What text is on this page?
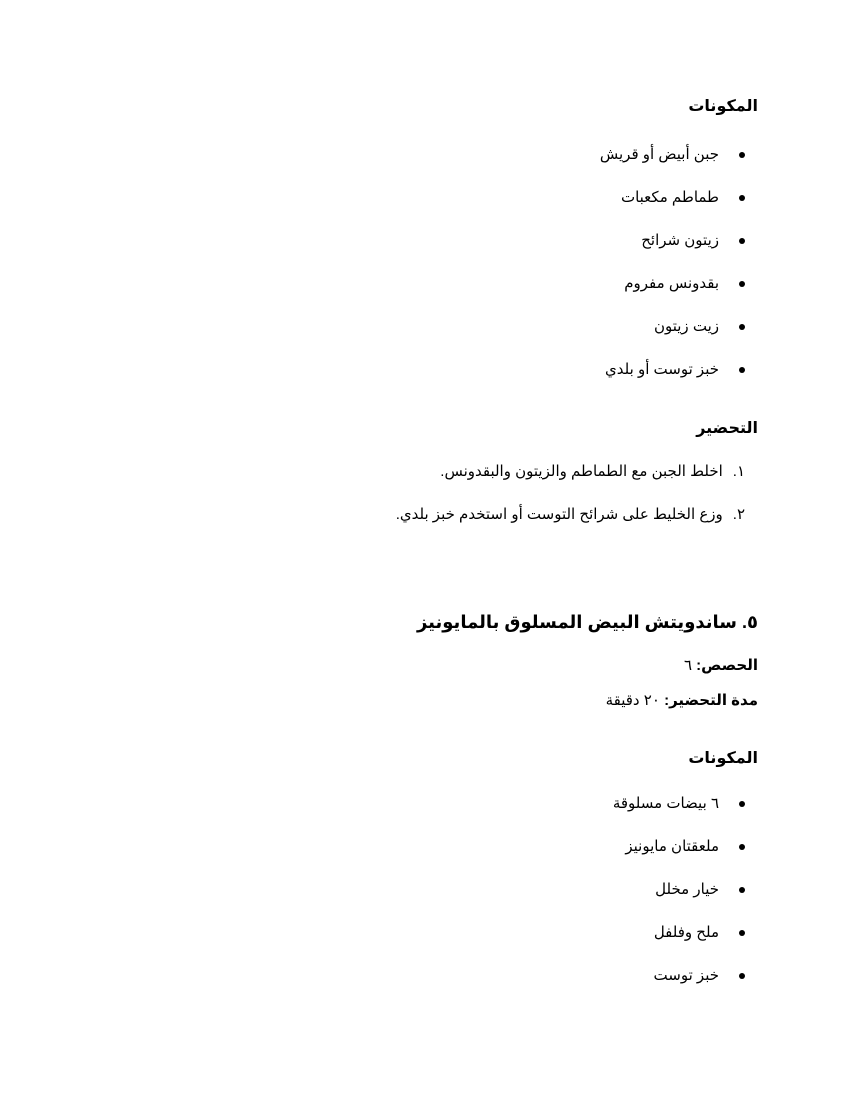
المكونات
جبن أبيض أو قريش
طماطم مكعبات
زيتون شرائح
بقدونس مفروم
زيت زيتون
خبز توست أو بلدي
التحضير
١.اخلط الجبن مع الطماطم والزيتون والبقدونس.
٢.وزع الخليط على شرائح التوست أو استخدم خبز بلدي.
٥. ساندويتش البيض المسلوق بالمايونيز
الحصص: ٦
مدة التحضير: ٢٠ دقيقة
المكونات
٦ بيضات مسلوقة
ملعقتان مايونيز
خيار مخلل
ملح وفلفل
خبز توست
